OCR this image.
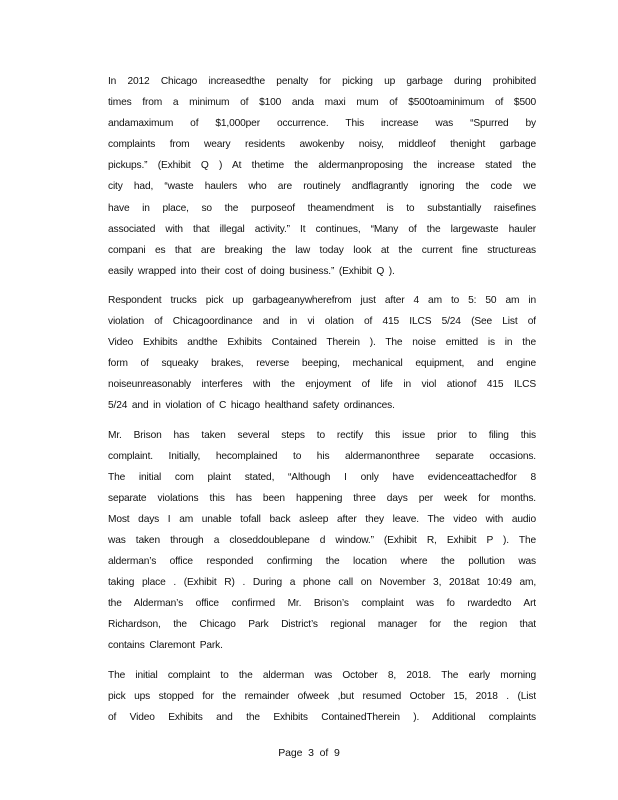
In 2012 Chicago increasedthe penalty for picking up garbage during prohibited
times from a minimum of $100 anda maxi mum of $500toaminimum of $500
andamaximum of $1,000per occurrence. This increase was “Spurred by
complaints from weary residents awokenby noisy, middleof thenight garbage
pickups.” (Exhibit Q ) At thetime the aldermanproposing the increase stated the
city had, “waste haulers who are routinely andflagrantly ignoring the code we
have in place, so the purposeof theamendment is to substantially raisefines
associated with that illegal activity.” It continues, “Many of the largewaste hauler
compani es that are breaking the law today look at the current fine structureas
easily wrapped into their cost of doing business.” (Exhibit Q ).
Respondent trucks pick up garbageanywherefrom just after 4 am to 5: 50 am in
violation of Chicagoordinance and in vi olation of 415 ILCS 5/24 (See List of
Video Exhibits andthe Exhibits Contained Therein ). The noise emitted is in the
form of squeaky brakes, reverse beeping, mechanical equipment, and engine
noiseunreasonably interferes with the enjoyment of life in viol ationof 415 ILCS
5/24 and in violation of C hicago healthand safety ordinances.
Mr. Brison has taken several steps to rectify this issue prior to filing this
complaint. Initially, hecomplained to his aldermanonthree separate occasions.
The initial com plaint stated, “Although I only have evidenceattachedfor 8
separate violations this has been happening three days per week for months.
Most days I am unable tofall back asleep after they leave. The video with audio
was taken through a closeddoublepane d window.” (Exhibit R, Exhibit P ). The
alderman’s office responded confirming the location where the pollution was
taking place . (Exhibit R) . During a phone call on November 3, 2018at 10:49 am,
the Alderman’s office confirmed Mr. Brison’s complaint was fo rwardedto Art
Richardson, the Chicago Park District’s regional manager for the region that
contains Claremont Park.
The initial complaint to the alderman was October 8, 2018. The early morning
pick ups stopped for the remainder ofweek ,but resumed October 15, 2018 . (List
of Video Exhibits and the Exhibits ContainedTherein ). Additional complaints
Page 3 of 9
